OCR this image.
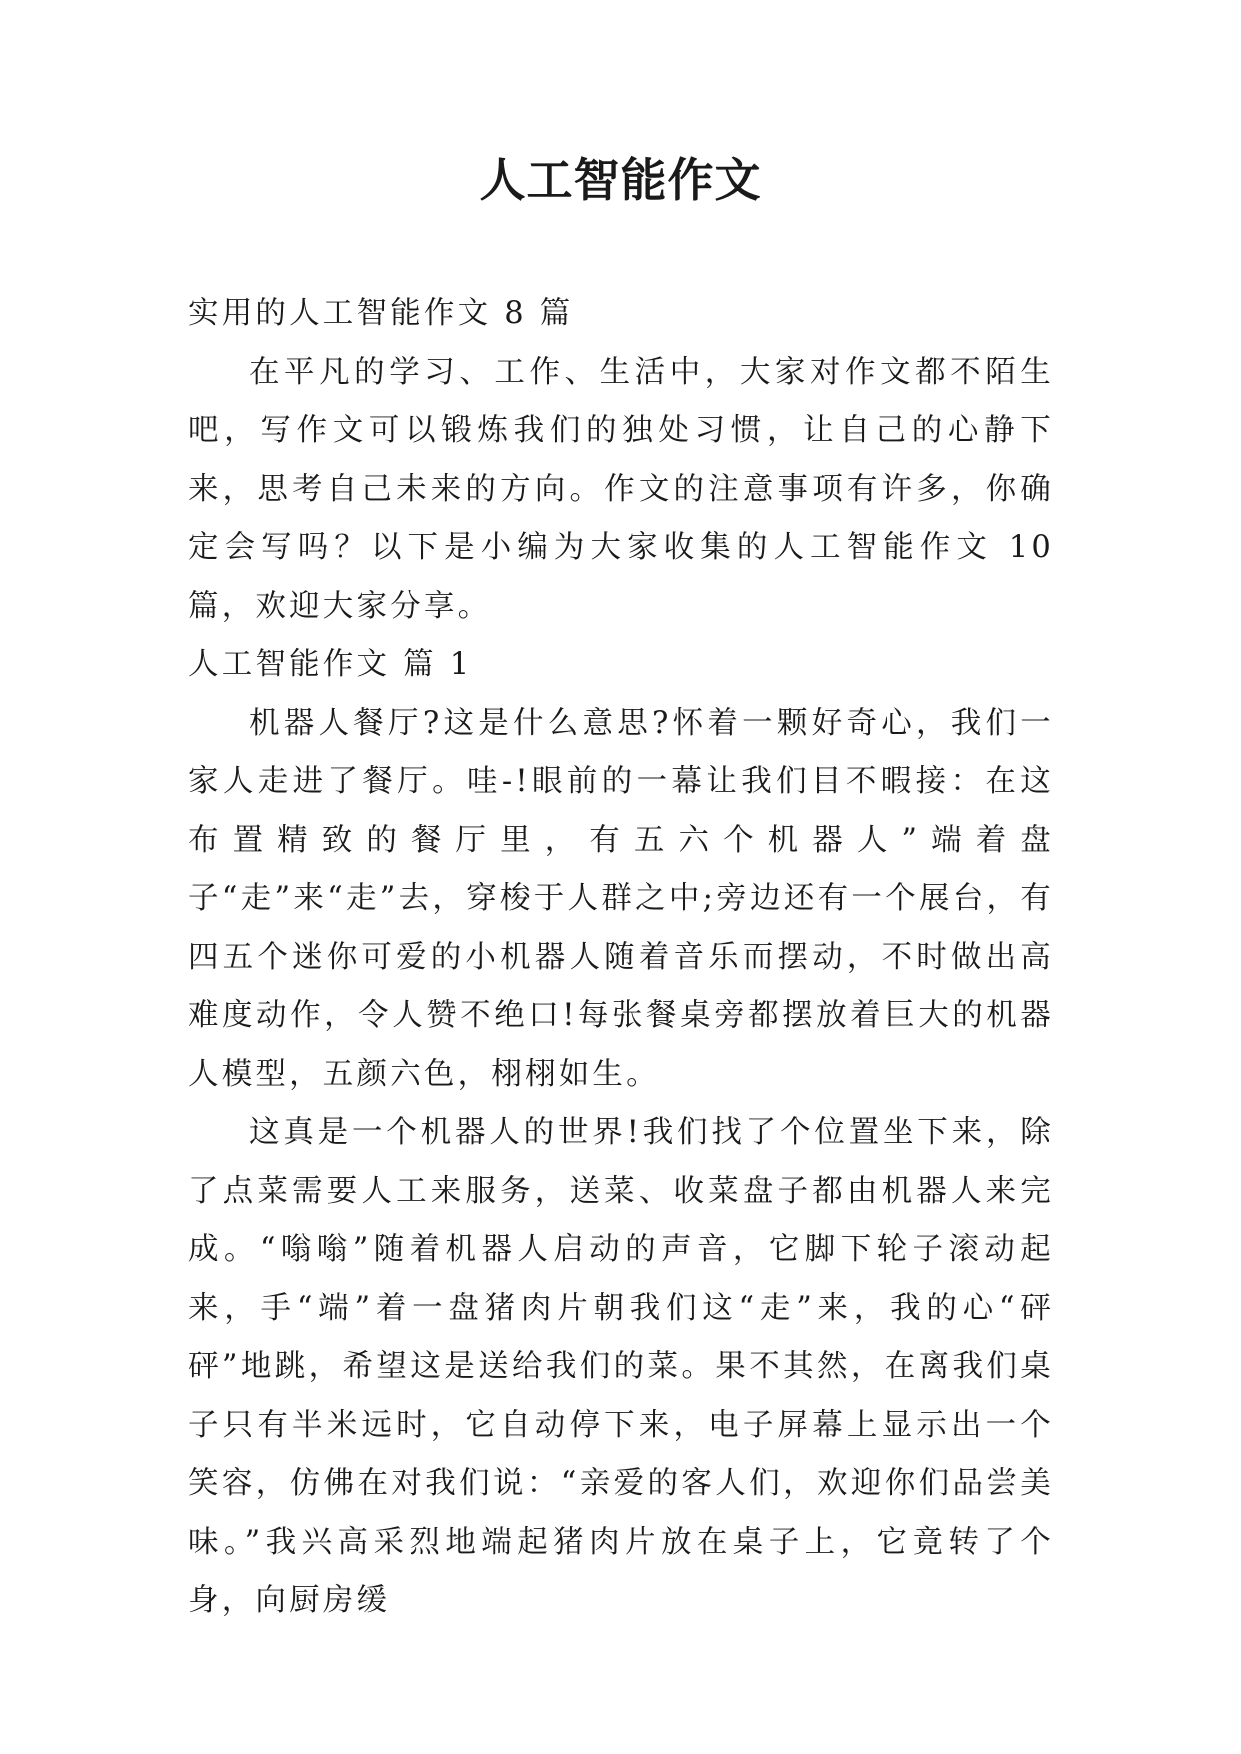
人工智能作文

实用的人工智能作文 8 篇

在平凡的学习、工作、生活中，大家对作文都不陌生吧，写作文可以锻炼我们的独处习惯，让自己的心静下来，思考自己未来的方向。作文的注意事项有许多，你确定会写吗？以下是小编为大家收集的人工智能作文 10 篇，欢迎大家分享。

人工智能作文 篇 1

机器人餐厅?这是什么意思?怀着一颗好奇心，我们一家人走进了餐厅。哇-!眼前的一幕让我们目不暇接：在这布置精致的餐厅里，有五六个机器人”端着盘子“走”来“走”去，穿梭于人群之中;旁边还有一个展台，有四五个迷你可爱的小机器人随着音乐而摆动，不时做出高难度动作，令人赞不绝口!每张餐桌旁都摆放着巨大的机器人模型，五颜六色，栩栩如生。

这真是一个机器人的世界!我们找了个位置坐下来，除了点菜需要人工来服务，送菜、收菜盘子都由机器人来完成。“嗡嗡”随着机器人启动的声音，它脚下轮子滚动起来，手“端”着一盘猪肉片朝我们这“走”来，我的心“砰砰”地跳，希望这是送给我们的菜。果不其然，在离我们桌子只有半米远时，它自动停下来，电子屏幕上显示出一个笑容，仿佛在对我们说：“亲爱的客人们，欢迎你们品尝美味。”我兴高采烈地端起猪肉片放在桌子上，它竟转了个身，向厨房缓
